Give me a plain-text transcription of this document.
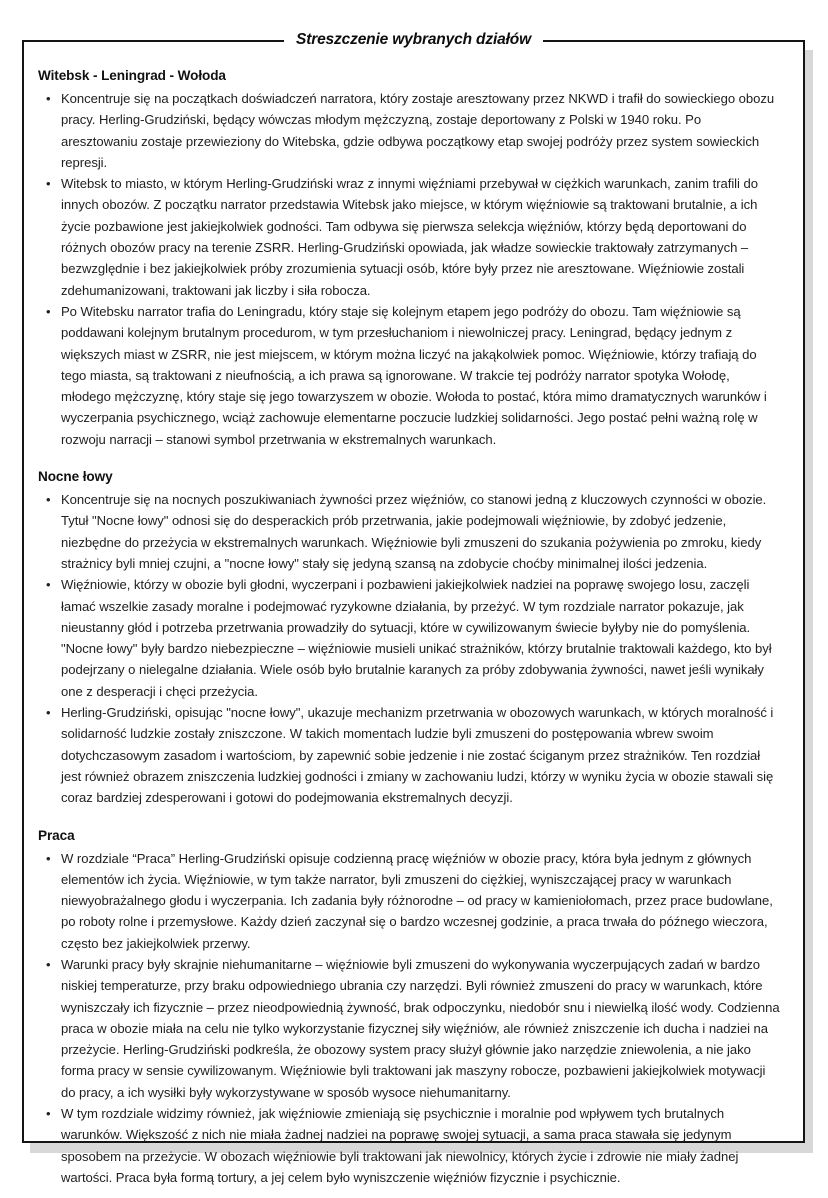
Witebsk - Leningrad - Wołoda
• Koncentruje się na początkach doświadczeń narratora, który zostaje aresztowany przez NKWD i trafił do sowieckiego obozu pracy. Herling-Grudziński, będący wówczas młodym mężczyzną, zostaje deportowany z Polski w 1940 roku. Po aresztowaniu zostaje przewieziony do Witebska, gdzie odbywa początkowy etap swojej podróży przez system sowieckich represji.
• Witebsk to miasto, w którym Herling-Grudziński wraz z innymi więźniami przebywał w ciężkich warunkach, zanim trafili do innych obozów. Z początku narrator przedstawia Witebsk jako miejsce, w którym więźniowie są traktowani brutalnie, a ich życie pozbawione jest jakiejkolwiek godności. Tam odbywa się pierwsza selekcja więźniów, którzy będą deportowani do różnych obozów pracy na terenie ZSRR. Herling-Grudziński opowiada, jak władze sowieckie traktowały zatrzymanych – bezwzględnie i bez jakiejkolwiek próby zrozumienia sytuacji osób, które były przez nie aresztowane. Więźniowie zostali zdehumanizowani, traktowani jak liczby i siła robocza.
• Po Witebsku narrator trafia do Leningradu, który staje się kolejnym etapem jego podróży do obozu. Tam więźniowie są poddawani kolejnym brutalnym procedurom, w tym przesłuchaniom i niewolniczej pracy. Leningrad, będący jednym z większych miast w ZSRR, nie jest miejscem, w którym można liczyć na jakąkolwiek pomoc. Więźniowie, którzy trafiają do tego miasta, są traktowani z nieufnością, a ich prawa są ignorowane. W trakcie tej podróży narrator spotyka Wołodę, młodego mężczyznę, który staje się jego towarzyszem w obozie. Wołoda to postać, która mimo dramatycznych warunków i wyczerpania psychicznego, wciąż zachowuje elementarne poczucie ludzkiej solidarności. Jego postać pełni ważną rolę w rozwoju narracji – stanowi symbol przetrwania w ekstremalnych warunkach.
Nocne łowy
• Koncentruje się na nocnych poszukiwaniach żywności przez więźniów, co stanowi jedną z kluczowych czynności w obozie. Tytuł "Nocne łowy" odnosi się do desperackich prób przetrwania, jakie podejmowali więźniowie, by zdobyć jedzenie, niezbędne do przeżycia w ekstremalnych warunkach. Więźniowie byli zmuszeni do szukania pożywienia po zmroku, kiedy strażnicy byli mniej czujni, a "nocne łowy" stały się jedyną szansą na zdobycie choćby minimalnej ilości jedzenia.
• Więźniowie, którzy w obozie byli głodni, wyczerpani i pozbawieni jakiejkolwiek nadziei na poprawę swojego losu, zaczęli łamać wszelkie zasady moralne i podejmować ryzykowne działania, by przeżyć. W tym rozdziale narrator pokazuje, jak nieustanny głód i potrzeba przetrwania prowadziły do sytuacji, które w cywilizowanym świecie byłyby nie do pomyślenia. "Nocne łowy" były bardzo niebezpieczne – więźniowie musieli unikać strażników, którzy brutalnie traktowali każdego, kto był podejrzany o nielegalne działania. Wiele osób było brutalnie karanych za próby zdobywania żywności, nawet jeśli wynikały one z desperacji i chęci przeżycia.
• Herling-Grudziński, opisując "nocne łowy", ukazuje mechanizm przetrwania w obozowych warunkach, w których moralność i solidarność ludzkie zostały zniszczone. W takich momentach ludzie byli zmuszeni do postępowania wbrew swoim dotychczasowym zasadom i wartościom, by zapewnić sobie jedzenie i nie zostać ściganym przez strażników. Ten rozdział jest również obrazem zniszczenia ludzkiej godności i zmiany w zachowaniu ludzi, którzy w wyniku życia w obozie stawali się coraz bardziej zdesperowani i gotowi do podejmowania ekstremalnych decyzji.
Praca
• W rozdziale “Praca” Herling-Grudziński opisuje codzienną pracę więźniów w obozie pracy, która była jednym z głównych elementów ich życia. Więźniowie, w tym także narrator, byli zmuszeni do ciężkiej, wyniszczającej pracy w warunkach niewyobrażalnego głodu i wyczerpania. Ich zadania były różnorodne – od pracy w kamieniołomach, przez prace budowlane, po roboty rolne i przemysłowe. Każdy dzień zaczynał się o bardzo wczesnej godzinie, a praca trwała do późnego wieczora, często bez jakiejkolwiek przerwy.
• Warunki pracy były skrajnie niehumanitarne – więźniowie byli zmuszeni do wykonywania wyczerpujących zadań w bardzo niskiej temperaturze, przy braku odpowiedniego ubrania czy narzędzi. Byli również zmuszeni do pracy w warunkach, które wyniszczały ich fizycznie – przez nieodpowiednią żywność, brak odpoczynku, niedobór snu i niewielką ilość wody. Codzienna praca w obozie miała na celu nie tylko wykorzystanie fizycznej siły więźniów, ale również zniszczenie ich ducha i nadziei na przeżycie. Herling-Grudziński podkreśla, że obozowy system pracy służył głównie jako narzędzie zniewolenia, a nie jako forma pracy w sensie cywilizowanym. Więźniowie byli traktowani jak maszyny robocze, pozbawieni jakiejkolwiek motywacji do pracy, a ich wysiłki były wykorzystywane w sposób wysoce niehumanitarny.
• W tym rozdziale widzimy również, jak więźniowie zmieniają się psychicznie i moralnie pod wpływem tych brutalnych warunków. Większość z nich nie miała żadnej nadziei na poprawę swojej sytuacji, a sama praca stawała się jedynym sposobem na przeżycie. W obozach więźniowie byli traktowani jak niewolnicy, których życie i zdrowie nie miały żadnej wartości. Praca była formą tortury, a jej celem było wyniszczenie więźniów fizycznie i psychicznie.
Streszczenie wybranych działów
